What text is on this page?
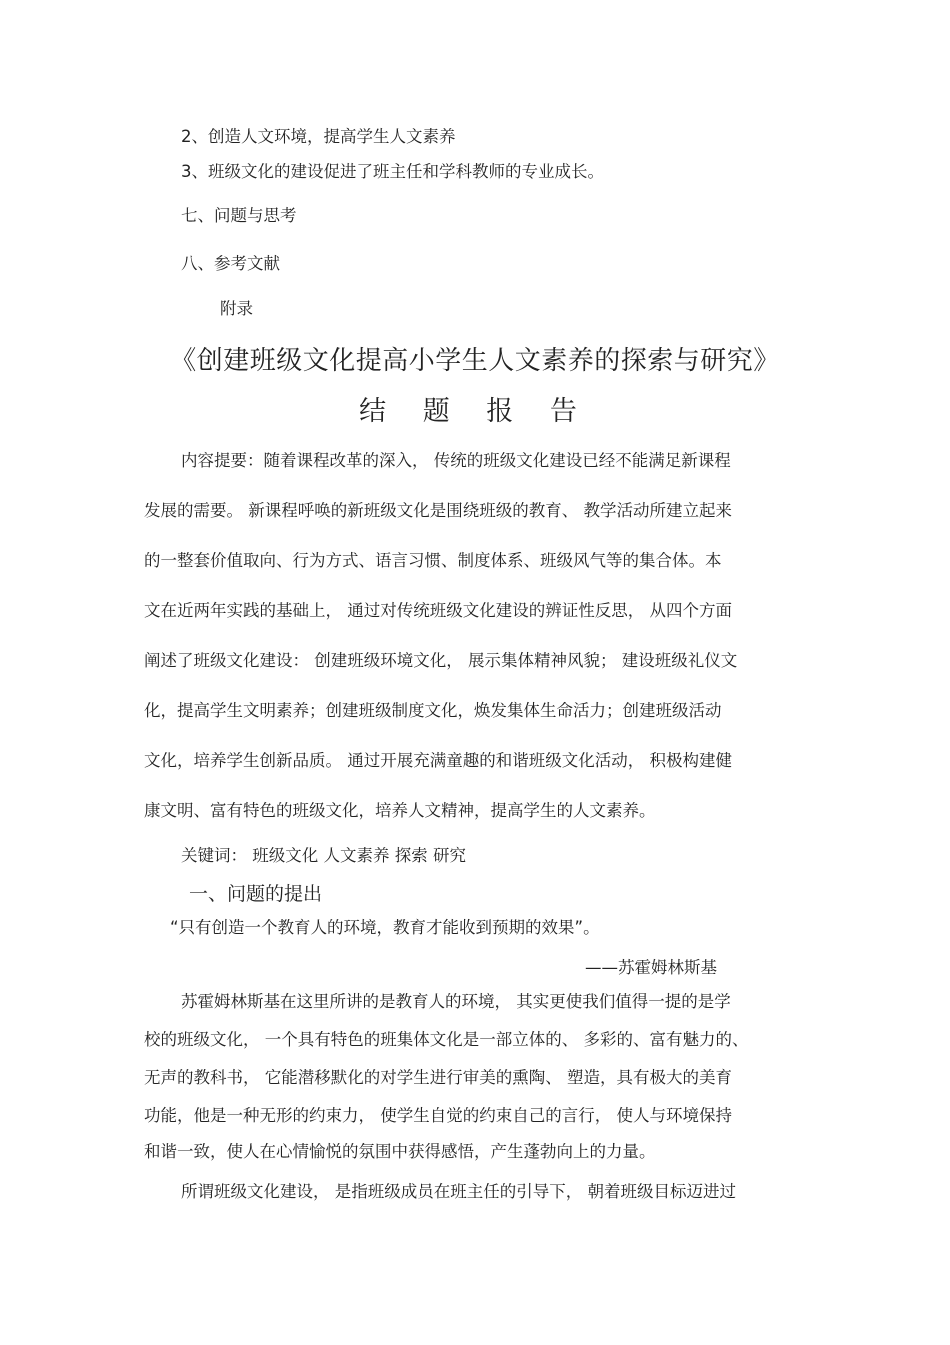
2、创造人文环境，提高学生人文素养
3、班级文化的建设促进了班主任和学科教师的专业成长。
七、问题与思考
八、参考文献
附录
《创建班级文化提高小学生人文素养的探索与研究》
结 题 报 告
内容提要：随着课程改革的深入， 传统的班级文化建设已经不能满足新课程
发展的需要。 新课程呼唤的新班级文化是围绕班级的教育、 教学活动所建立起来
的一整套价值取向、行为方式、语言习惯、制度体系、班级风气等的集合体。本
文在近两年实践的基础上， 通过对传统班级文化建设的辨证性反思， 从四个方面
阐述了班级文化建设： 创建班级环境文化， 展示集体精神风貌； 建设班级礼仪文
化，提高学生文明素养；创建班级制度文化，焕发集体生命活力；创建班级活动
文化，培养学生创新品质。 通过开展充满童趣的和谐班级文化活动， 积极构建健
康文明、富有特色的班级文化，培养人文精神，提高学生的人文素养。
关键词： 班级文化 人文素养 探索 研究
一、问题的提出
“只有创造一个教育人的环境，教育才能收到预期的效果”。
——苏霍姆林斯基
苏霍姆林斯基在这里所讲的是教育人的环境， 其实更使我们值得一提的是学
校的班级文化， 一个具有特色的班集体文化是一部立体的、 多彩的、富有魅力的、
无声的教科书， 它能潜移默化的对学生进行审美的熏陶、 塑造，具有极大的美育
功能，他是一种无形的约束力， 使学生自觉的约束自己的言行， 使人与环境保持
和谐一致，使人在心情愉悦的氛围中获得感悟，产生蓬勃向上的力量。
所谓班级文化建设， 是指班级成员在班主任的引导下， 朝着班级目标迈进过
